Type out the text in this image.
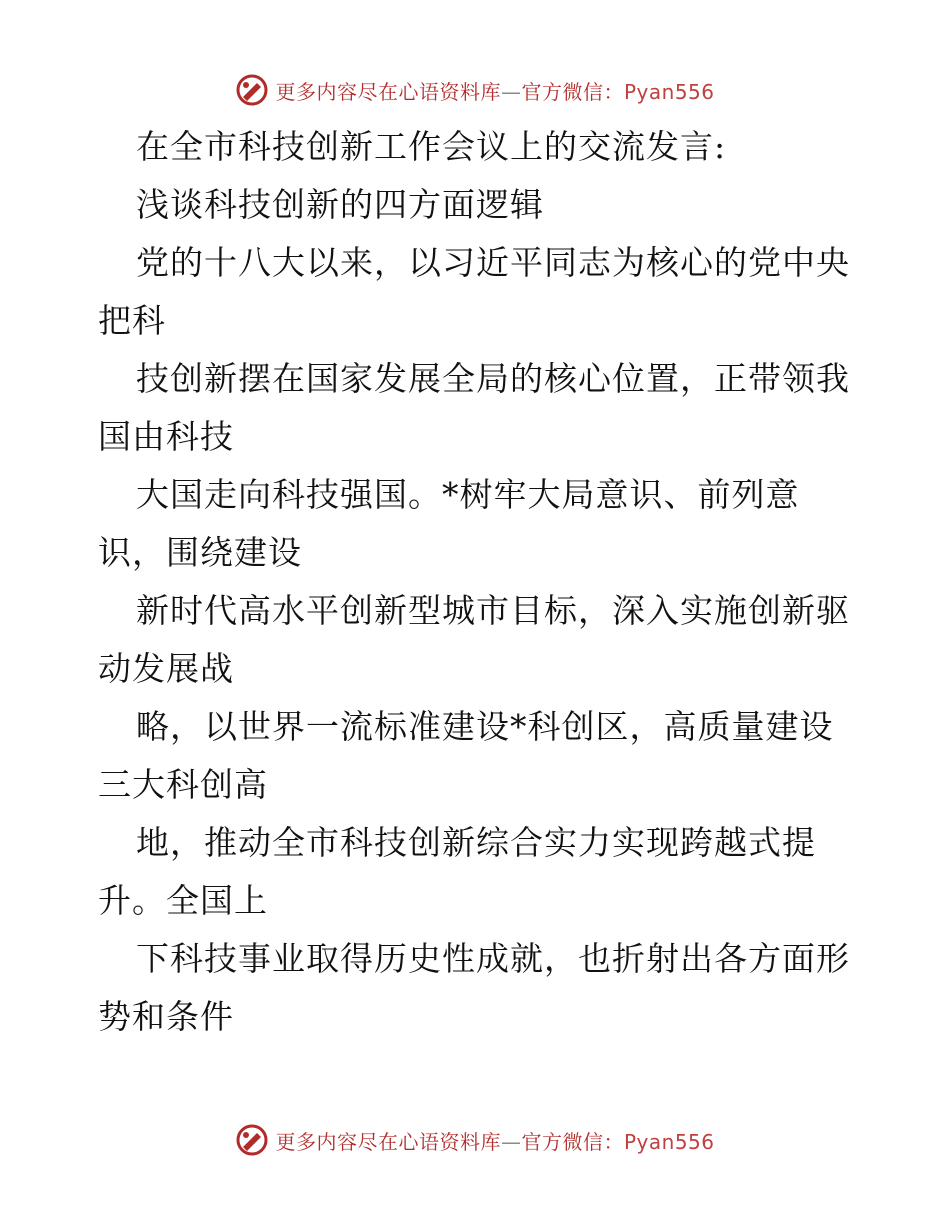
更多内容尽在心语资料库—官方微信：Pyan556
在全市科技创新工作会议上的交流发言:
浅谈科技创新的四方面逻辑
党的十八大以来，以习近平同志为核心的党中央
把科
技创新摆在国家发展全局的核心位置，正带领我
国由科技
大国走向科技强国。*树牢大局意识、前列意
识，围绕建设
新时代高水平创新型城市目标，深入实施创新驱
动发展战
略，以世界一流标准建设*科创区，高质量建设
三大科创高
地，推动全市科技创新综合实力实现跨越式提
升。全国上
下科技事业取得历史性成就，也折射出各方面形
势和条件
更多内容尽在心语资料库—官方微信：Pyan556
